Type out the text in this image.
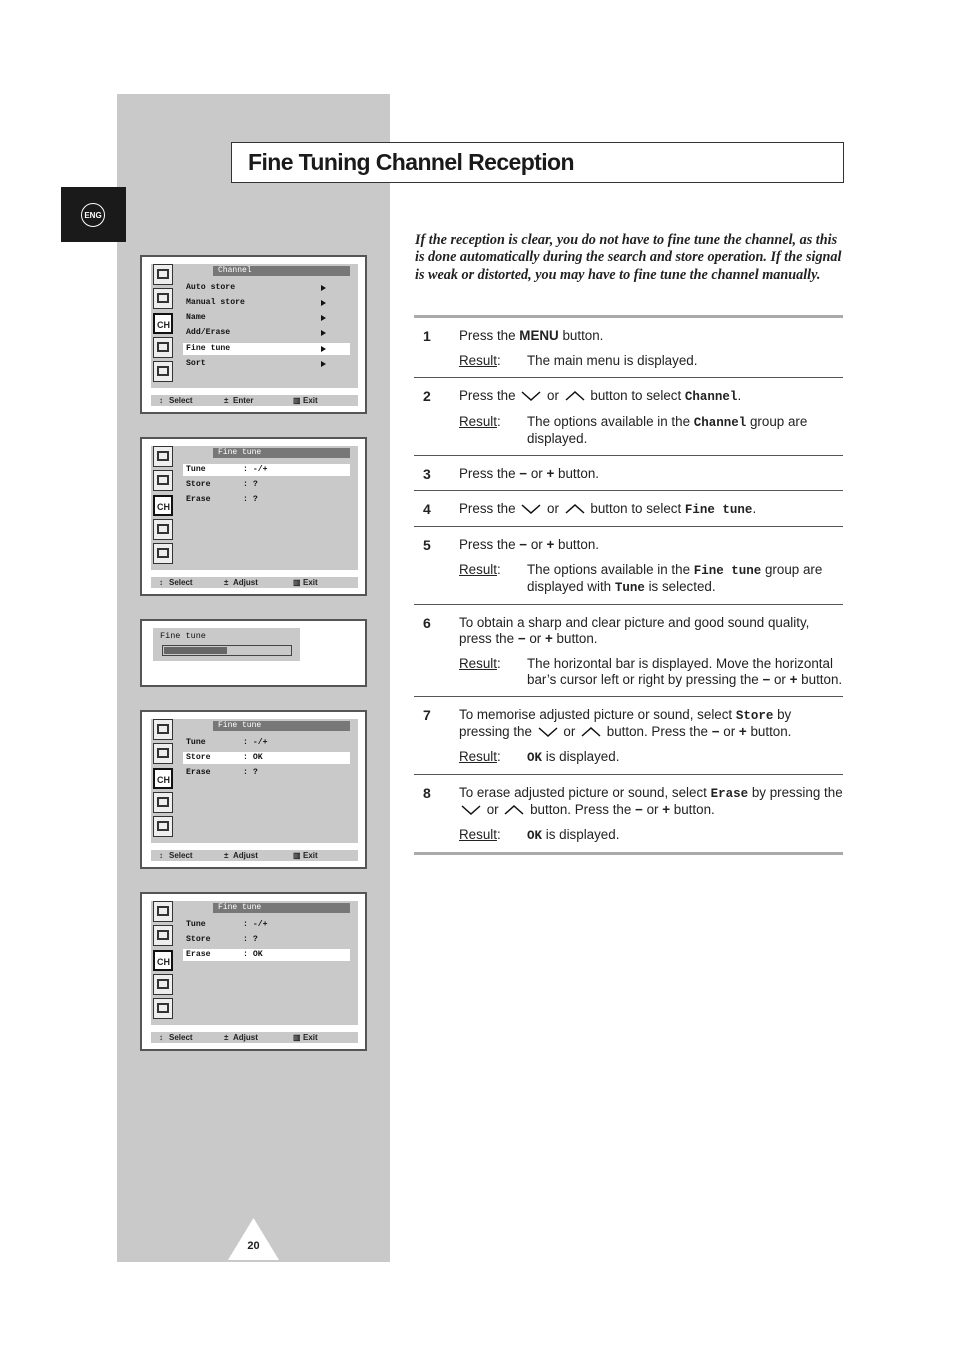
ENG
Fine Tuning Channel Reception
If the reception is clear, you do not have to fine tune the channel, as this is done automatically during the search and store operation. If the signal is weak or distorted, you may have to fine tune the channel manually.
CH
Channel
Auto store
Manual store
Name
Add/Erase
Fine tune
Sort
↕ Select	± Enter	▥ Exit
CH
Fine tune
Tune	: -/+
Store	: ?
Erase	: ?
↕ Select	± Adjust	▥ Exit
Fine tune
CH
Fine tune
Tune	: -/+
Store	: OK
Erase	: ?
↕ Select	± Adjust	▥ Exit
CH
Fine tune
Tune	: -/+
Store	: ?
Erase	: OK
↕ Select	± Adjust	▥ Exit
1 Press the MENU button.
Result:	The main menu is displayed.
2 Press the
or
button to select Channel.
Result:	The options available in the Channel group are displayed.
3 Press the − or + button.
4 Press the
or
button to select Fine tune.
5 Press the − or + button.
Result:	The options available in the Fine tune group are displayed with Tune is selected.
6 To obtain a sharp and clear picture and good sound quality, press the − or + button.
Result:	The horizontal bar is displayed. Move the horizontal bar’s cursor left or right by pressing the − or + button.
7 To memorise adjusted picture or sound, select Store by pressing the
or
button. Press the − or + button.
Result:	OK is displayed.
8 To erase adjusted picture or sound, select Erase by pressing the
or
button. Press the − or + button.
Result:	OK is displayed.
20
